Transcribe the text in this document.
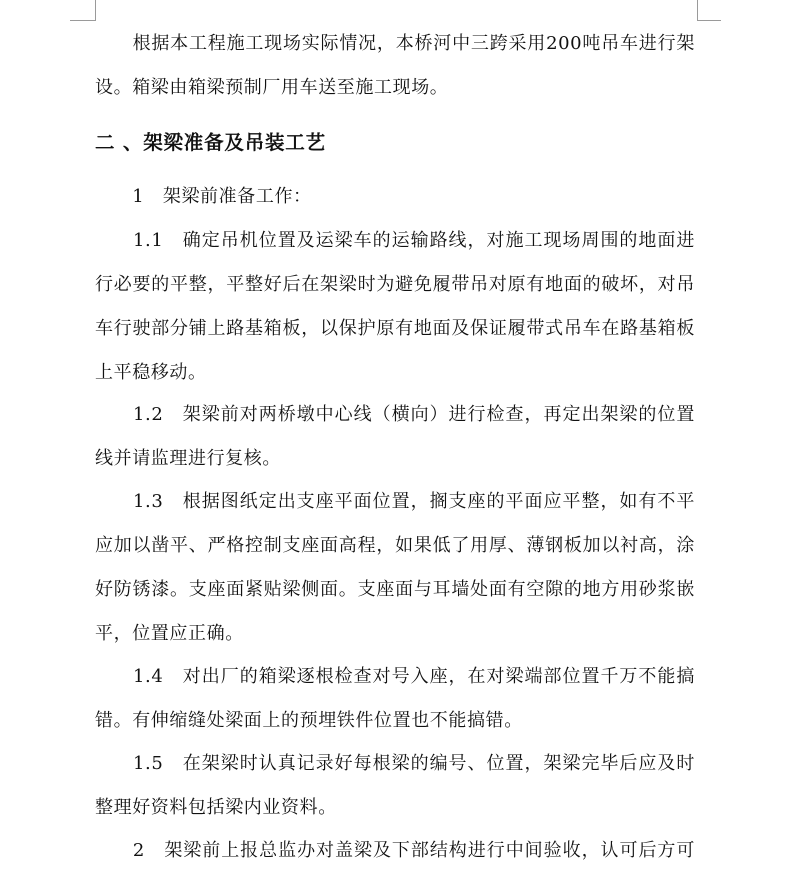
　　根据本工程施工现场实际情况，本桥河中三跨采用200吨吊车进行架
设。箱梁由箱梁预制厂用车送至施工现场。
二 、架梁准备及吊装工艺
　　1　架梁前准备工作：
　　1.1　确定吊机位置及运梁车的运输路线，对施工现场周围的地面进
行必要的平整，平整好后在架梁时为避免履带吊对原有地面的破坏，对吊
车行驶部分铺上路基箱板，以保护原有地面及保证履带式吊车在路基箱板
上平稳移动。
　　1.2　架梁前对两桥墩中心线（横向）进行检查，再定出架梁的位置
线并请监理进行复核。
　　1.3　根据图纸定出支座平面位置，搁支座的平面应平整，如有不平
应加以凿平、严格控制支座面高程，如果低了用厚、薄钢板加以衬高，涂
好防锈漆。支座面紧贴梁侧面。支座面与耳墙处面有空隙的地方用砂浆嵌
平，位置应正确。
　　1.4　对出厂的箱梁逐根检查对号入座，在对梁端部位置千万不能搞
错。有伸缩缝处梁面上的预埋铁件位置也不能搞错。
　　1.5　在架梁时认真记录好每根梁的编号、位置，架梁完毕后应及时
整理好资料包括梁内业资料。
　　2　架梁前上报总监办对盖梁及下部结构进行中间验收，认可后方可
